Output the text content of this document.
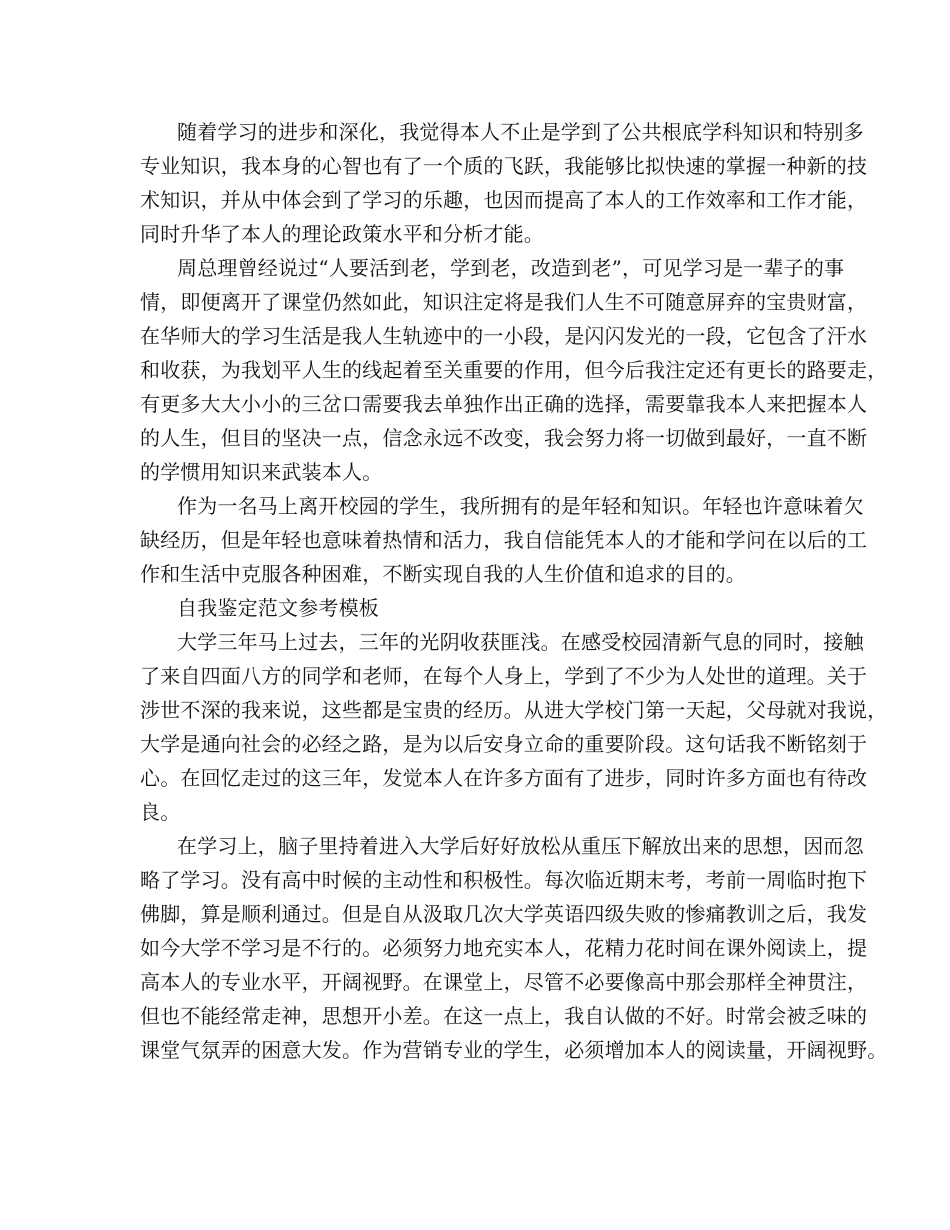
随着学习的进步和深化，我觉得本人不止是学到了公共根底学科知识和特别多
专业知识，我本身的心智也有了一个质的飞跃，我能够比拟快速的掌握一种新的技
术知识，并从中体会到了学习的乐趣，也因而提高了本人的工作效率和工作才能，
同时升华了本人的理论政策水平和分析才能。
周总理曾经说过“人要活到老，学到老，改造到老”，可见学习是一辈子的事
情，即便离开了课堂仍然如此，知识注定将是我们人生不可随意屏弃的宝贵财富，
在华师大的学习生活是我人生轨迹中的一小段，是闪闪发光的一段，它包含了汗水
和收获，为我划平人生的线起着至关重要的作用，但今后我注定还有更长的路要走，
有更多大大小小的三岔口需要我去单独作出正确的选择，需要靠我本人来把握本人
的人生，但目的坚决一点，信念永远不改变，我会努力将一切做到最好，一直不断
的学惯用知识来武装本人。
作为一名马上离开校园的学生，我所拥有的是年轻和知识。年轻也许意味着欠
缺经历，但是年轻也意味着热情和活力，我自信能凭本人的才能和学问在以后的工
作和生活中克服各种困难，不断实现自我的人生价值和追求的目的。
自我鉴定范文参考模板
大学三年马上过去，三年的光阴收获匪浅。在感受校园清新气息的同时，接触
了来自四面八方的同学和老师，在每个人身上，学到了不少为人处世的道理。关于
涉世不深的我来说，这些都是宝贵的经历。从进大学校门第一天起，父母就对我说，
大学是通向社会的必经之路，是为以后安身立命的重要阶段。这句话我不断铭刻于
心。在回忆走过的这三年，发觉本人在许多方面有了进步，同时许多方面也有待改
良。
在学习上，脑子里持着进入大学后好好放松从重压下解放出来的思想，因而忽
略了学习。没有高中时候的主动性和积极性。每次临近期末考，考前一周临时抱下
佛脚，算是顺利通过。但是自从汲取几次大学英语四级失败的惨痛教训之后，我发
如今大学不学习是不行的。必须努力地充实本人，花精力花时间在课外阅读上，提
高本人的专业水平，开阔视野。在课堂上，尽管不必要像高中那会那样全神贯注，
但也不能经常走神，思想开小差。在这一点上，我自认做的不好。时常会被乏味的
课堂气氛弄的困意大发。作为营销专业的学生，必须增加本人的阅读量，开阔视野。
